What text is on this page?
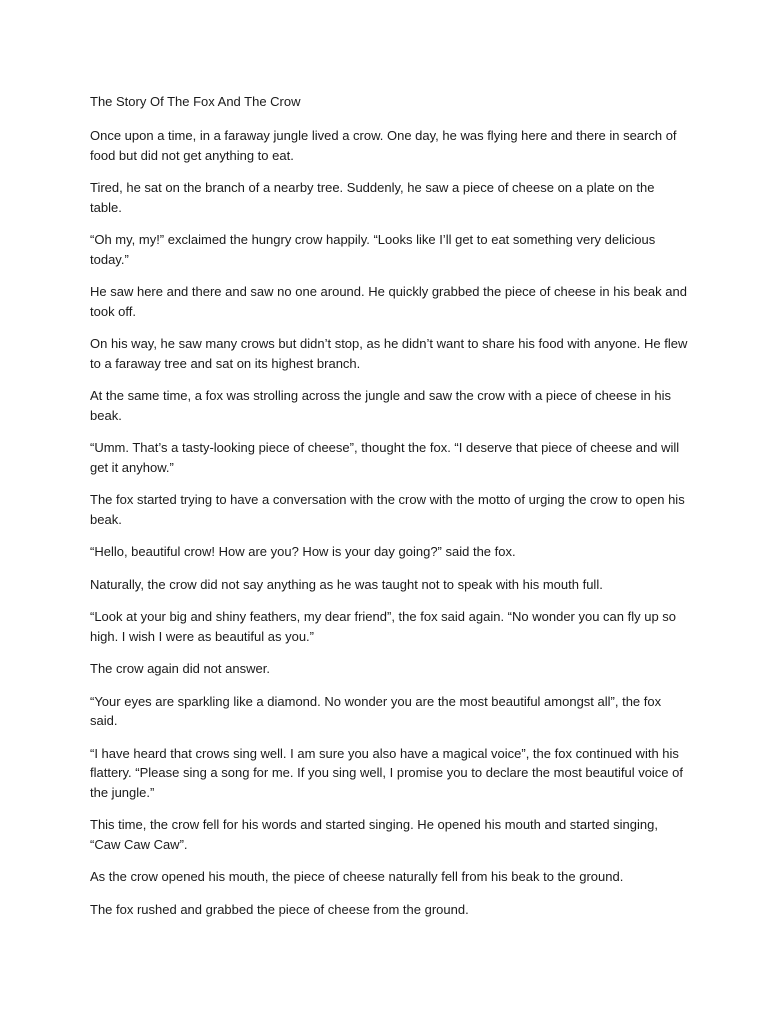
The Story Of The Fox And The Crow

Once upon a time, in a faraway jungle lived a crow. One day, he was flying here and there in search of food but did not get anything to eat.

Tired, he sat on the branch of a nearby tree. Suddenly, he saw a piece of cheese on a plate on the table.

“Oh my, my!” exclaimed the hungry crow happily. “Looks like I’ll get to eat something very delicious today.”

He saw here and there and saw no one around. He quickly grabbed the piece of cheese in his beak and took off.

On his way, he saw many crows but didn’t stop, as he didn’t want to share his food with anyone. He flew to a faraway tree and sat on its highest branch.

At the same time, a fox was strolling across the jungle and saw the crow with a piece of cheese in his beak.

“Umm. That’s a tasty-looking piece of cheese”, thought the fox. “I deserve that piece of cheese and will get it anyhow.”

The fox started trying to have a conversation with the crow with the motto of urging the crow to open his beak.

“Hello, beautiful crow! How are you? How is your day going?” said the fox.

Naturally, the crow did not say anything as he was taught not to speak with his mouth full.

“Look at your big and shiny feathers, my dear friend”, the fox said again. “No wonder you can fly up so high. I wish I were as beautiful as you.”

The crow again did not answer.

“Your eyes are sparkling like a diamond. No wonder you are the most beautiful amongst all”, the fox said.

“I have heard that crows sing well. I am sure you also have a magical voice”, the fox continued with his flattery. “Please sing a song for me. If you sing well, I promise you to declare the most beautiful voice of the jungle.”

This time, the crow fell for his words and started singing. He opened his mouth and started singing, “Caw Caw Caw”.

As the crow opened his mouth, the piece of cheese naturally fell from his beak to the ground.

The fox rushed and grabbed the piece of cheese from the ground.
